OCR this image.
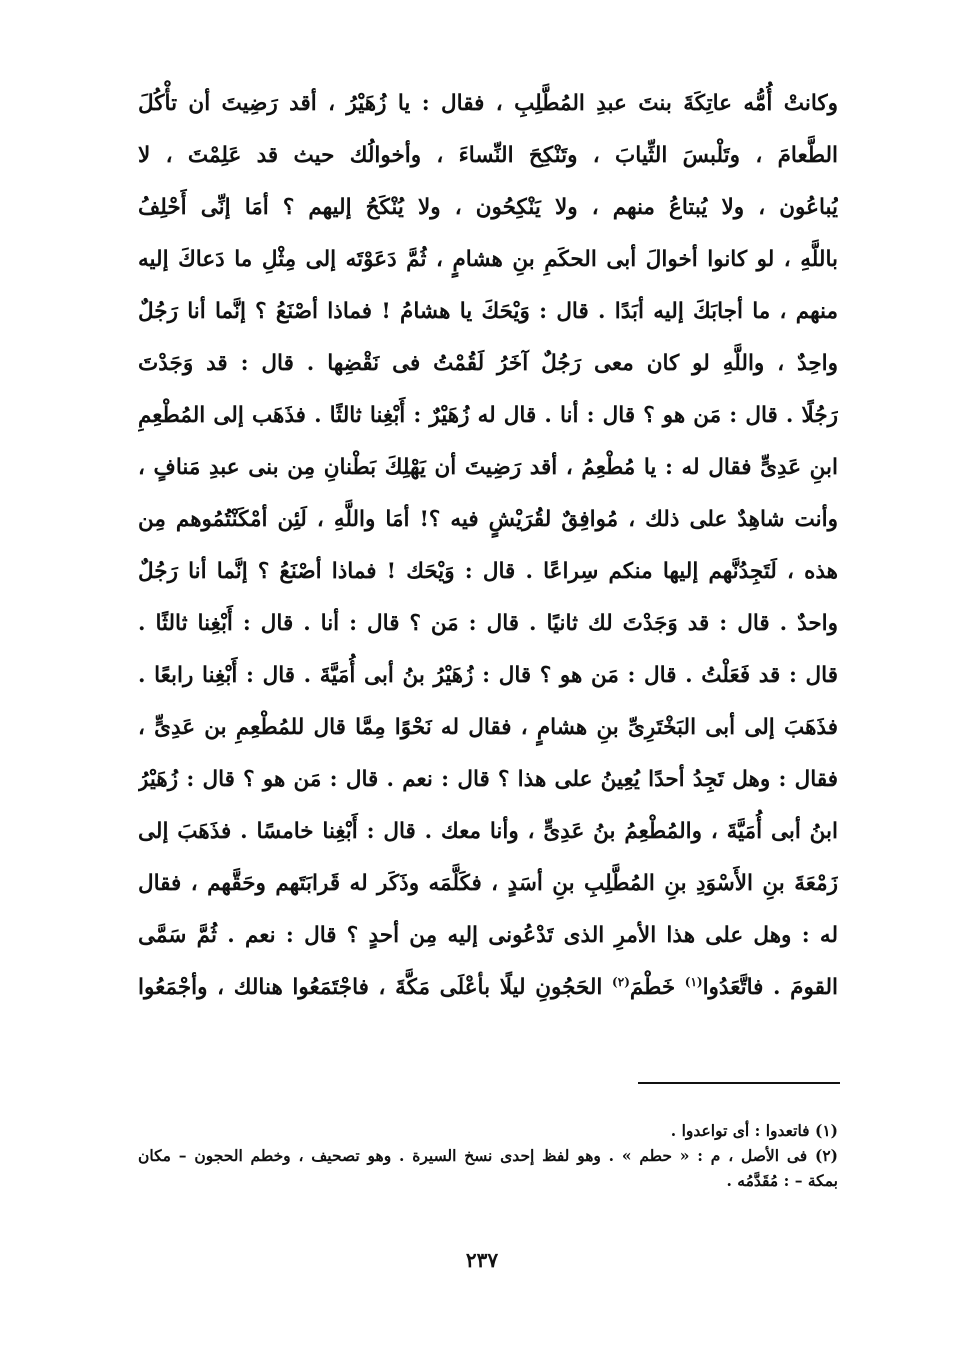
وكانتْ أُمُّه عاتِكَةَ بنتَ عبدِ المُطَّلِبِ ، فقال : يا زُهَيْرُ ، أقد رَضِيتَ أن تأْكُلَ
الطَّعامَ ، وتَلْبسَ الثِّيابَ ، وتَنْكِحَ النِّساءَ ، وأخوالُك حيث قد عَلِمْتَ ، لا
يُباعُون ، ولا يُبتاعُ منهم ، ولا يَنْكِحُون ، ولا يُنْكَحُ إليهم ؟ أمَا إنِّى أَحْلِفُ
باللَّهِ ، لو كانوا أخوالَ أبى الحكَمِ بنِ هشامٍ ، ثُمَّ دَعَوْتَه إلى مِثْلِ ما دَعاكَ إليه
منهم ، ما أجابَكَ إليه أبَدًا . قال : وَيْحَكَ يا هشامُ ! فماذا أصْنَعُ ؟ إنَّما أنا رَجُلٌ
واحِدٌ ، واللَّهِ لو كان معى رَجُلٌ آخَرُ لَقُمْتُ فى نَقْضِها . قال : قد وَجَدْتَ
رَجُلًا . قال : مَن هو ؟ قال : أنا . قال له زُهَيْرٌ : أَبْغِنا ثالثًا . فذَهَب إلى المُطْعِمِ
ابنِ عَدِىٍّ فقال له : يا مُطْعِمُ ، أقد رَضِيتَ أن يَهْلِكَ بَطْنانِ مِن بنى عبدِ مَنافٍ ،
وأنت شاهِدٌ على ذلك ، مُوافِقٌ لقُرَيْشٍ فيه ؟! أمَا واللَّهِ ، لَئِن أمْكَنْتُمُوهم مِن
هذه ، لَتَجِدُنَّهم إليها منكم سِراعًا . قال : وَيْحَك ! فماذا أصْنَعُ ؟ إنَّما أنا رَجُلٌ
واحدٌ . قال : قد وَجَدْتَ لك ثانيًا . قال : مَن ؟ قال : أنا . قال : أَبْغِنا ثالثًا .
قال : قد فَعَلْتُ . قال : مَن هو ؟ قال : زُهَيْرُ بنُ أبى أُمَيَّةَ . قال : أَبْغِنا رابعًا .
فذَهَبَ إلى أبى البَخْتَرِىِّ بنِ هشامٍ ، فقال له نَحْوًا مِمَّا قال للمُطْعِمِ بن عَدِىٍّ ،
فقال : وهل تَجِدُ أحدًا يُعِينُ على هذا ؟ قال : نعم . قال : مَن هو ؟ قال : زُهَيْرُ
ابنُ أبى أُمَيَّةَ ، والمُطْعِمُ بنُ عَدِىٍّ ، وأنا معك . قال : أَبْغِنا خامسًا . فذَهَبَ إلى
زَمْعَةَ بنِ الأَسْوَدِ بنِ المُطَّلِبِ بنِ أسَدٍ ، فكَلَّمَه وذَكَر له قَرابَتَهم وحَقَّهم ، فقال
له : وهل على هذا الأمرِ الذى تَدْعُونى إليه مِن أحدٍ ؟ قال : نعم . ثُمَّ سَمَّى
القومَ . فاتَّعَدُوا$^{(١)}$ خَطْمَ$^{(٢)}$ الحَجُونِ ليلًا بأعْلَى مَكَّةَ ، فاجْتَمَعُوا هنالك ، وأجْمَعُوا
(١) فاتعدوا : أى تواعدوا .
(٢) فى الأصل ، م : « حطم » . وهو لفظ إحدى نسخ السيرة . وهو تصحيف ، وخطم الحجون – مكان
بمكة – : مُقَدَّمُه .
٢٣٧
